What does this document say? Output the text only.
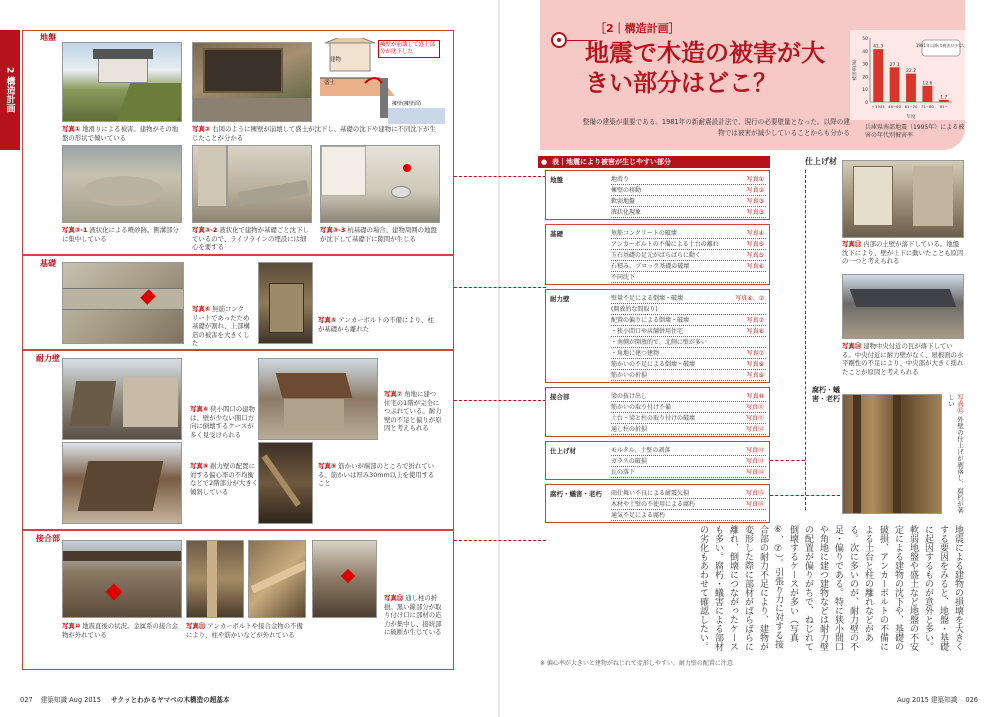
2 構造計画
地盤
写真① 地滑りによる被害。建物がその地盤の形状で傾いている
写真② 右図のように擁壁が崩壊して盛土が沈下し、基礎の沈下や建物に不同沈下が生じたことが分かる
擁壁が崩壊して盛土部分が沈下した
盛土
建物
擁壁(擁壁面)
写真③-1 液状化による噴砂跡。側溝部分に集中している
写真③-2 液状化で建物が基礎ごと沈下しているので、ライフラインの埋設には細心を要する
写真③-3 杭基礎の場合、建物周囲の地盤が沈下して基礎下に隙間が生じる
基礎
写真④ 無筋コンクリートであったため基礎が割れ、上部構造の被害を大きくした
写真⑤ アンカーボルトの不備により、柱が基礎から離れた
耐力壁
写真⑥ 狭小間口の建物は、壁が少ない開口方向に倒壊するケースが多く見受けられる
写真⑦ 角地に建つ住宅の1階が完全につぶれている。耐力壁の不足と偏りが原因と考えられる
写真⑧ 耐力壁の配置に対する偏心率の不均衡などで2階部分が大きく傾斜している
写真⑨ 筋かいが端部のところで折れている。筋かいは厚み30mm以上を使用すること
接合部
写真⑩ 地震直後の状況。金属系の接合金物が外れている
写真⑪ アンカーボルトや接合金物の不備により、柱や筋かいなどが外れている
写真⑫ 通し柱の折損。黒い線部分が取り付け口に部材の応力が集中し、接続部に破断が生じている
［2｜構造計画］
地震で木造の被害が大きい部分はどこ？
整備の建築が重要である。1981年の新耐震設計法で、現行の必要壁量となった。以降の建物では被害が減少していることからも分かる
50
40
30
20
10
0
41.3
~1945
27.1
46~60
22.2
61~70
12.6
71~80
1.7
81~
被害率(%)
年度
1981年以降は被害が少ない
兵庫県南部地震（1995年）による被害の年代別被害率
● 表｜地震により被害が生じやすい部分
地盤	地滑り	写真①
擁壁の移動	写真②
軟弱地盤	写真③
液状化現象	写真③
基礎	無筋コンクリートの破壊	写真④
アンカーボルトの不備による土台の離れ	写真⑤
玉石基礎の足元がばらばらに動く	写真⑤
石積み、ブロック基礎の破壊	写真⑥
不同沈下
耐力壁	壁量不足による倒壊・破壊	写真⑥、⑦
(開放的な間取り)
配置の偏りによる倒壊・破壊	写真⑦
・狭小間口や店舗併用住宅	写真⑧
・南側が開放的で、北側に壁が多い
・角地に建つ建物	写真⑦
筋かいの不足による倒壊・破壊	写真⑨
筋かいの折損	写真⑨
接合部	梁の抜け出し	写真⑩
筋かいの取り付け不備	写真⑪
土台・梁と柱の取り付けの破壊	写真⑪
通し柱の折損	写真⑫
仕上げ材	モルタル、土壁の剥落	写真⑬
ガラスの破損	写真⑬
瓦の落下	写真⑭
腐朽・蟻害・老朽 雨仕舞い不良による耐震欠損	写真⑮
木材や土壁の不使用による腐朽	写真⑮
通気不足による腐朽
仕上げ材
写真⑬ 内部の土壁が落下している。地盤沈下により、壁が上下に動いたことも原因の一つと考えられる
写真⑭ 建物中央付近の瓦が落下している。中央付近に耐力壁がなく、屋根面の水平剛性の不足により、中央部が大きく揺れたことが原因と考えられる
腐朽・蟻害・老朽	写真⑮ 外壁の仕上げが剥落し、腐朽が著しい
地震による建物の損壊を大きくする要因をみると、地盤・基礎に起因するものが意外と多い。軟弱地盤や盛土など地盤の不安定による建物の沈下や、基礎の破損、アンカーボルトの不備による土台と柱の離れなどがある。次に多いのが、耐力壁の不足・偏りである。特に狭小間口や角地に建つ建物などは耐力壁の配置が偏りがちで、ねじれて倒壊するケースが多い（写真⑥、⑦）。引張り力に対する接合部の耐力不足により、建物が変形した際に部材がばらばらに離れ、倒壊につながったケースも多い。腐朽・蟻害による部材の劣化もあわせて確認したい。
※ 偏心率が大きいと建物がねじれて変形しやすい。耐力壁の配置に注意
027 建築知識 Aug 2015 サクッとわかるヤマベの木構造の超基本	Aug 2015 建築知識 026
